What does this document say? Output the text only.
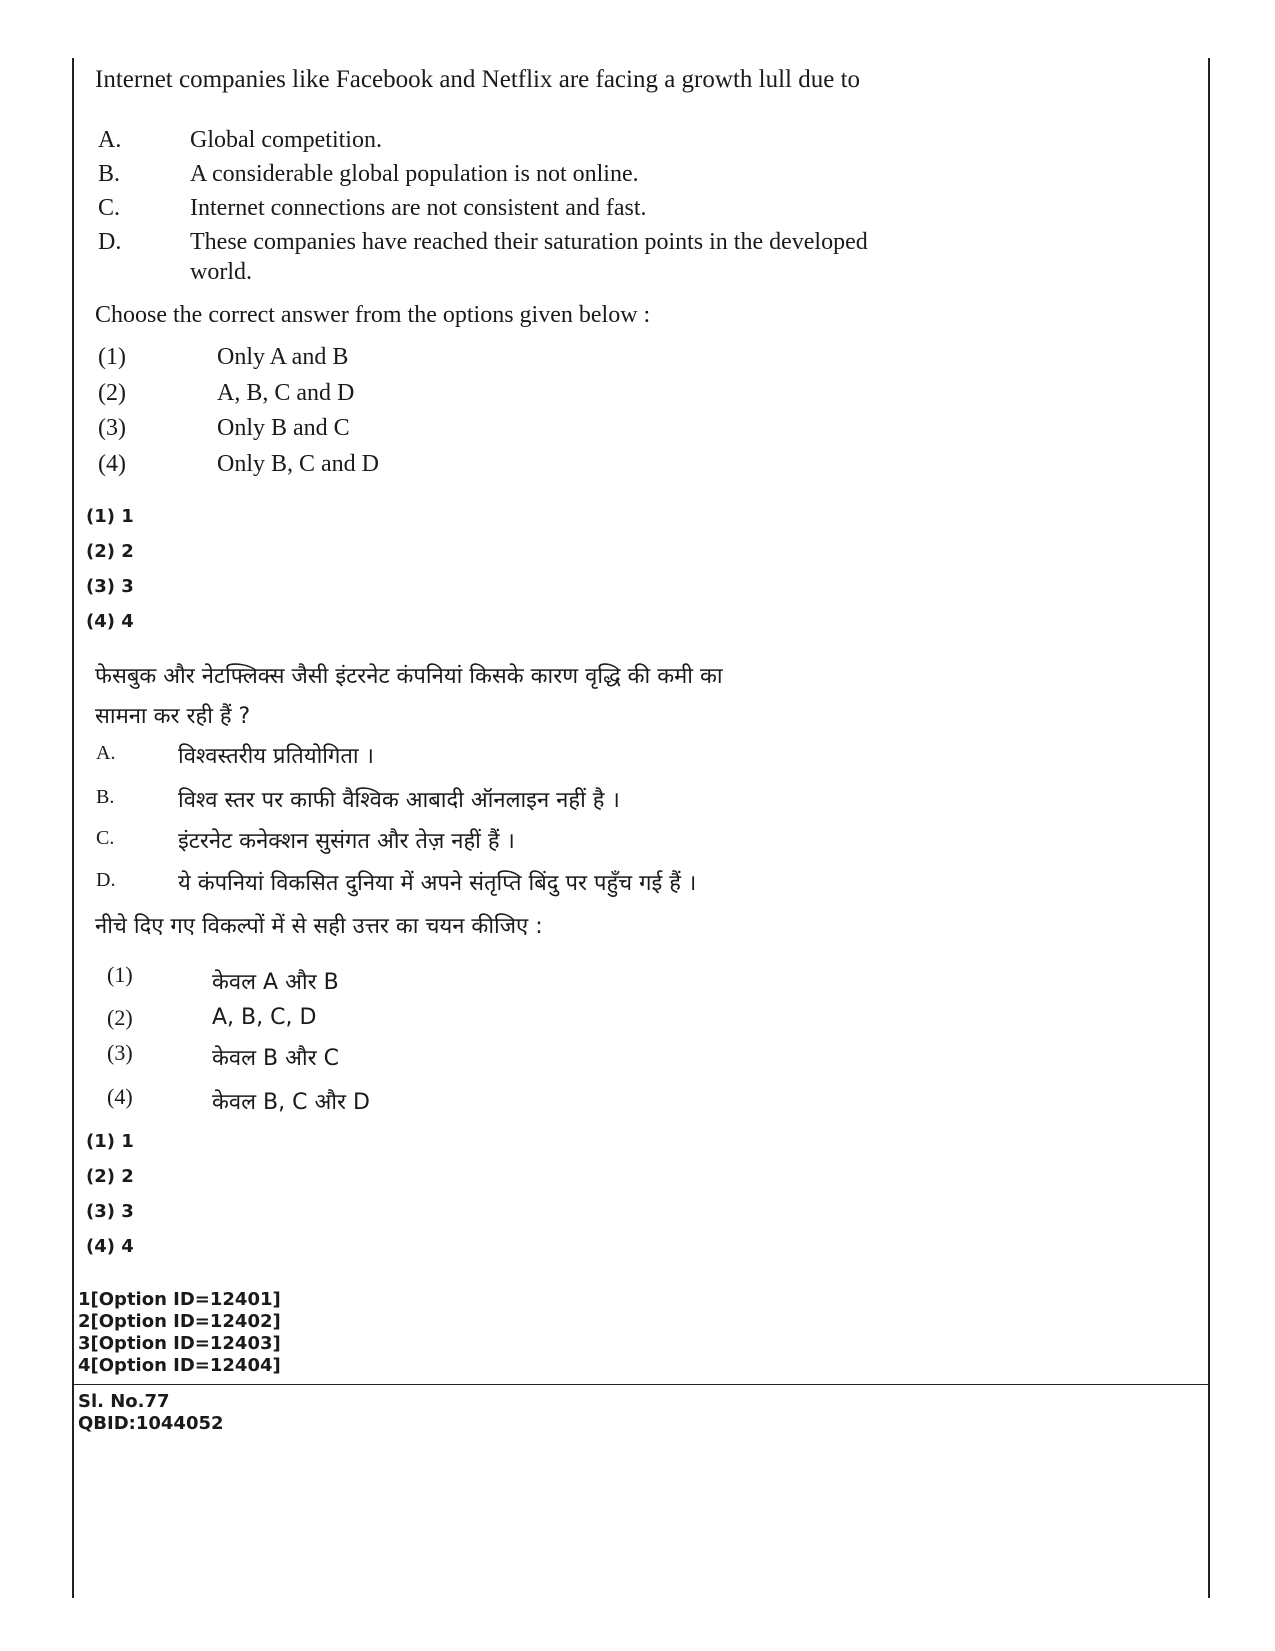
Internet companies like Facebook and Netflix are facing a growth lull due to
A.	Global competition.
B.	A considerable global population is not online.
C.	Internet connections are not consistent and fast.
D.	These companies have reached their saturation points in the developed
world.
Choose the correct answer from the options given below :
(1)	Only A and B
(2)	A, B, C and D
(3)	Only B and C
(4)	Only B, C and D
(1) 1
(2) 2
(3) 3
(4) 4
फेसबुक और नेटफ्लिक्स जैसी इंटरनेट कंपनियां किसके कारण वृद्धि की कमी का
सामना कर रही हैं ?
A.	विश्वस्तरीय प्रतियोगिता ।
B.	विश्व स्तर पर काफी वैश्विक आबादी ऑनलाइन नहीं है ।
C.	इंटरनेट कनेक्शन सुसंगत और तेज़ नहीं हैं ।
D.	ये कंपनियां विकसित दुनिया में अपने संतृप्ति बिंदु पर पहुँच गई हैं ।
नीचे दिए गए विकल्पों में से सही उत्तर का चयन कीजिए :
(1)	केवल A और B
(2)	A, B, C, D
(3)	केवल B और C
(4)	केवल B, C और D
(1) 1
(2) 2
(3) 3
(4) 4
1[Option ID=12401]
2[Option ID=12402]
3[Option ID=12403]
4[Option ID=12404]
Sl. No.77
QBID:1044052
